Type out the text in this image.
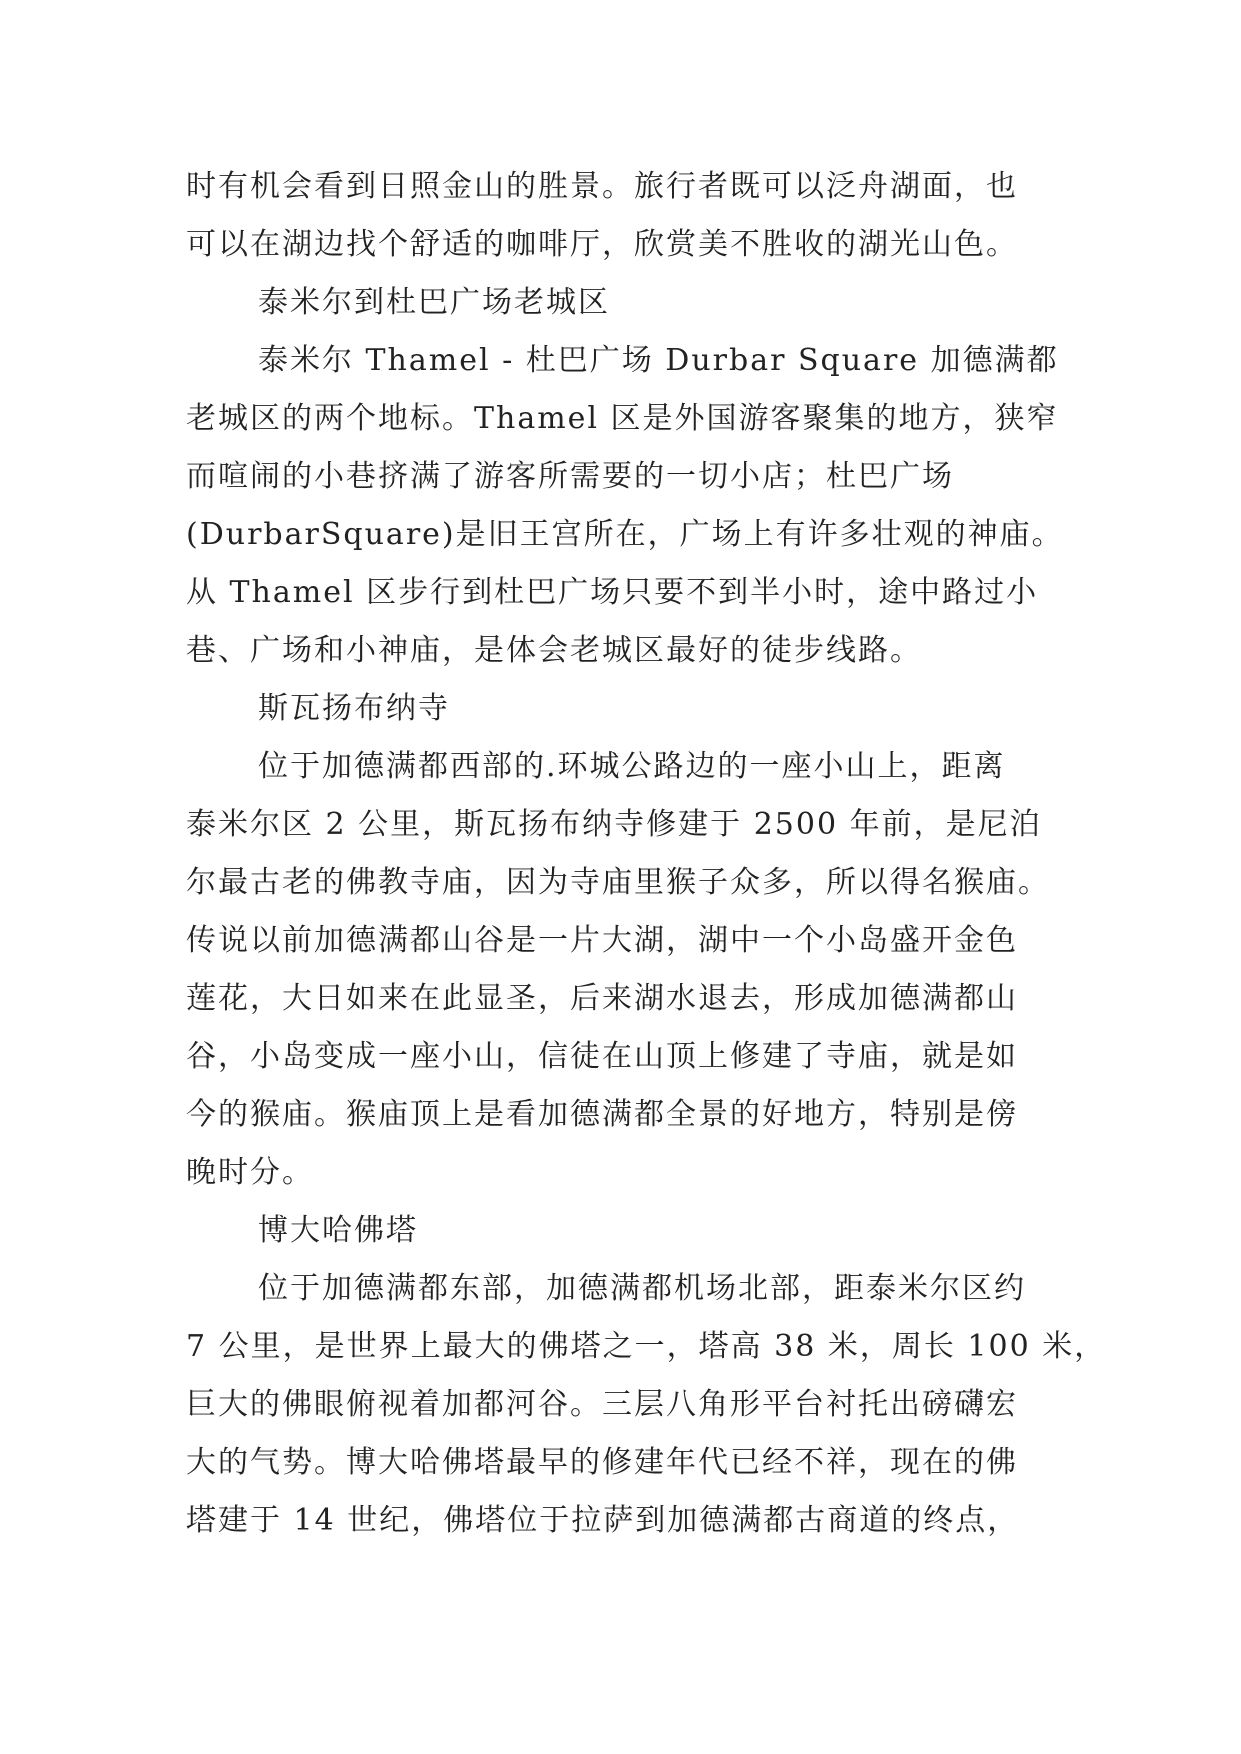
时有机会看到日照金山的胜景。旅行者既可以泛舟湖面，也
可以在湖边找个舒适的咖啡厅，欣赏美不胜收的湖光山色。
泰米尔到杜巴广场老城区
泰米尔 Thamel - 杜巴广场 Durbar Square 加德满都
老城区的两个地标。Thamel 区是外国游客聚集的地方，狭窄
而喧闹的小巷挤满了游客所需要的一切小店；杜巴广场
(DurbarSquare)是旧王宫所在，广场上有许多壮观的神庙。
从 Thamel 区步行到杜巴广场只要不到半小时，途中路过小
巷、广场和小神庙，是体会老城区最好的徒步线路。
斯瓦扬布纳寺
位于加德满都西部的.环城公路边的一座小山上，距离
泰米尔区 2 公里，斯瓦扬布纳寺修建于 2500 年前，是尼泊
尔最古老的佛教寺庙，因为寺庙里猴子众多，所以得名猴庙。
传说以前加德满都山谷是一片大湖，湖中一个小岛盛开金色
莲花，大日如来在此显圣，后来湖水退去，形成加德满都山
谷，小岛变成一座小山，信徒在山顶上修建了寺庙，就是如
今的猴庙。猴庙顶上是看加德满都全景的好地方，特别是傍
晚时分。
博大哈佛塔
位于加德满都东部，加德满都机场北部，距泰米尔区约
7 公里，是世界上最大的佛塔之一，塔高 38 米，周长 100 米，
巨大的佛眼俯视着加都河谷。三层八角形平台衬托出磅礴宏
大的气势。博大哈佛塔最早的修建年代已经不祥，现在的佛
塔建于 14 世纪，佛塔位于拉萨到加德满都古商道的终点，
